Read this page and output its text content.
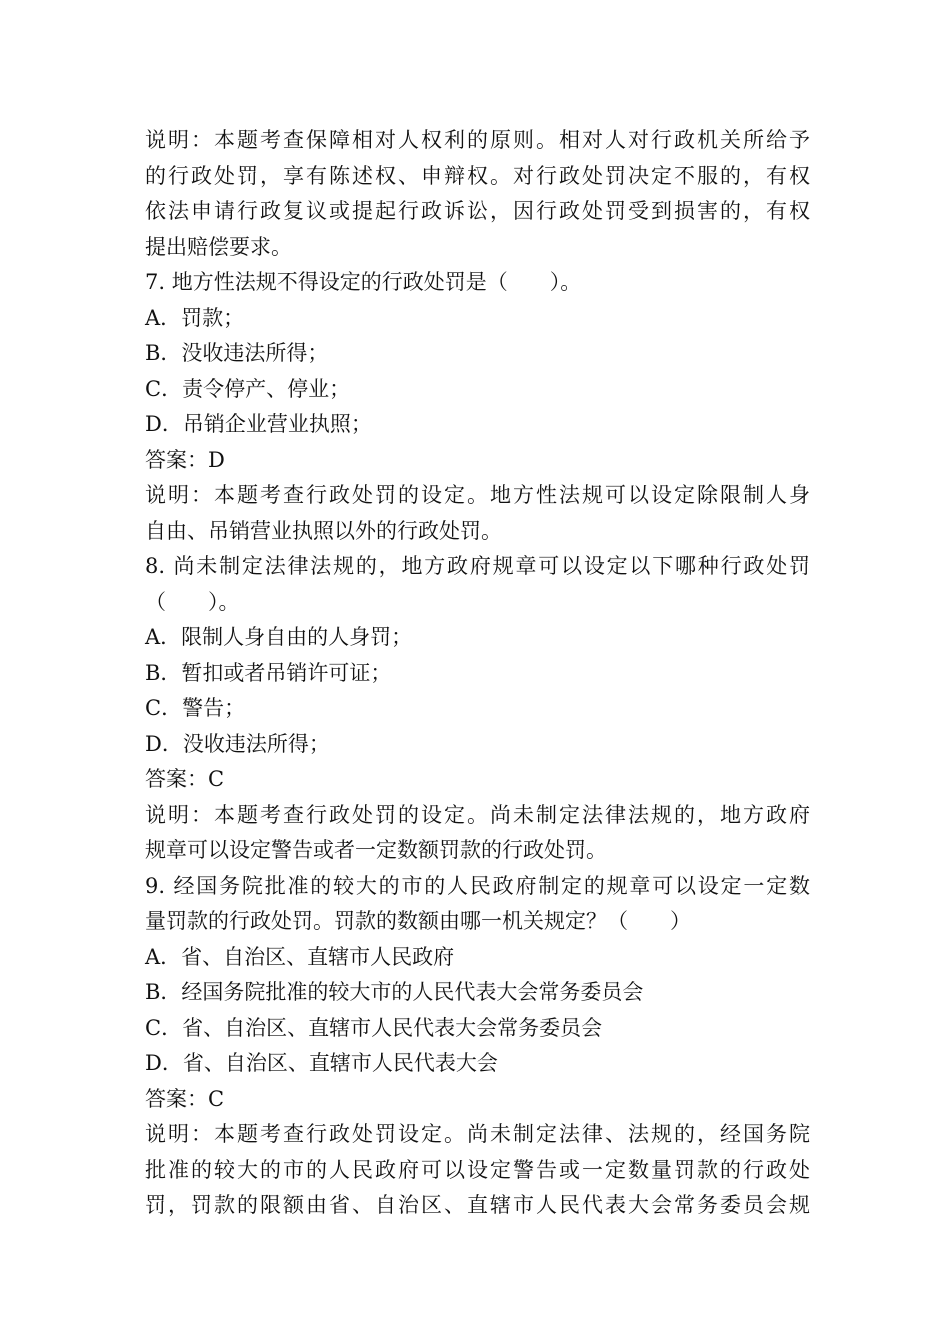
说明：本题考查保障相对人权利的原则。相对人对行政机关所给予
的行政处罚，享有陈述权、申辩权。对行政处罚决定不服的，有权
依法申请行政复议或提起行政诉讼，因行政处罚受到损害的，有权
提出赔偿要求。
7. 地方性法规不得设定的行政处罚是（　　）。
A．罚款；
B．没收违法所得；
C．责令停产、停业；
D．吊销企业营业执照；
答案：D
说明：本题考查行政处罚的设定。地方性法规可以设定除限制人身
自由、吊销营业执照以外的行政处罚。
8. 尚未制定法律法规的，地方政府规章可以设定以下哪种行政处罚
（　　）。
A．限制人身自由的人身罚；
B．暂扣或者吊销许可证；
C．警告；
D．没收违法所得；
答案：C
说明：本题考查行政处罚的设定。尚未制定法律法规的，地方政府
规章可以设定警告或者一定数额罚款的行政处罚。
9. 经国务院批准的较大的市的人民政府制定的规章可以设定一定数
量罚款的行政处罚。罚款的数额由哪一机关规定？（　　）
A．省、自治区、直辖市人民政府
B．经国务院批准的较大市的人民代表大会常务委员会
C．省、自治区、直辖市人民代表大会常务委员会
D．省、自治区、直辖市人民代表大会
答案：C
说明：本题考查行政处罚设定。尚未制定法律、法规的，经国务院
批准的较大的市的人民政府可以设定警告或一定数量罚款的行政处
罚，罚款的限额由省、自治区、直辖市人民代表大会常务委员会规
